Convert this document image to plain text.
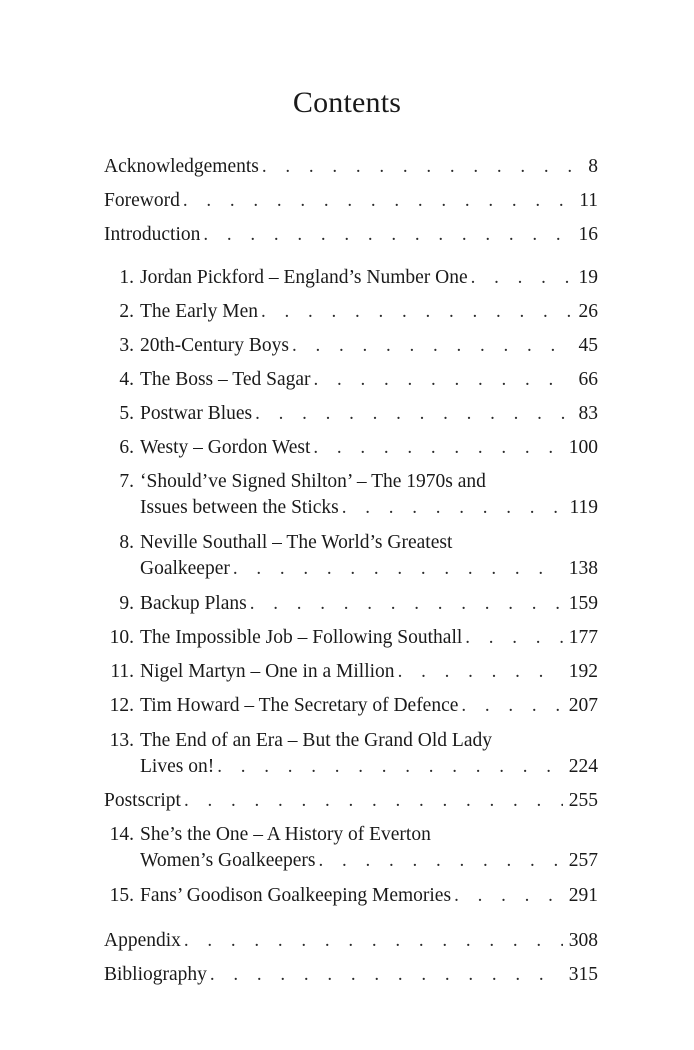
Contents
Acknowledgements . . .	8
Foreword . . .	11
Introduction . . .	16
1. Jordan Pickford – England’s Number One . . .	19
2. The Early Men . . .	26
3. 20th-Century Boys . . .	45
4. The Boss – Ted Sagar . . .	66
5. Postwar Blues . . .	83
6. Westy – Gordon West . . .	100
7. ‘Should’ve Signed Shilton’ – The 1970s and
Issues between the Sticks . . .	119
8. Neville Southall – The World’s Greatest
Goalkeeper . . .	138
9. Backup Plans . . .	159
10. The Impossible Job – Following Southall . . .	177
11. Nigel Martyn – One in a Million . . .	192
12. Tim Howard – The Secretary of Defence . . .	207
13. The End of an Era – But the Grand Old Lady
Lives on! . . .	224
Postscript . . .	255
14. She’s the One – A History of Everton
Women’s Goalkeepers . . .	257
15. Fans’ Goodison Goalkeeping Memories . . .	291
Appendix . . .	308
Bibliography . . .	315
